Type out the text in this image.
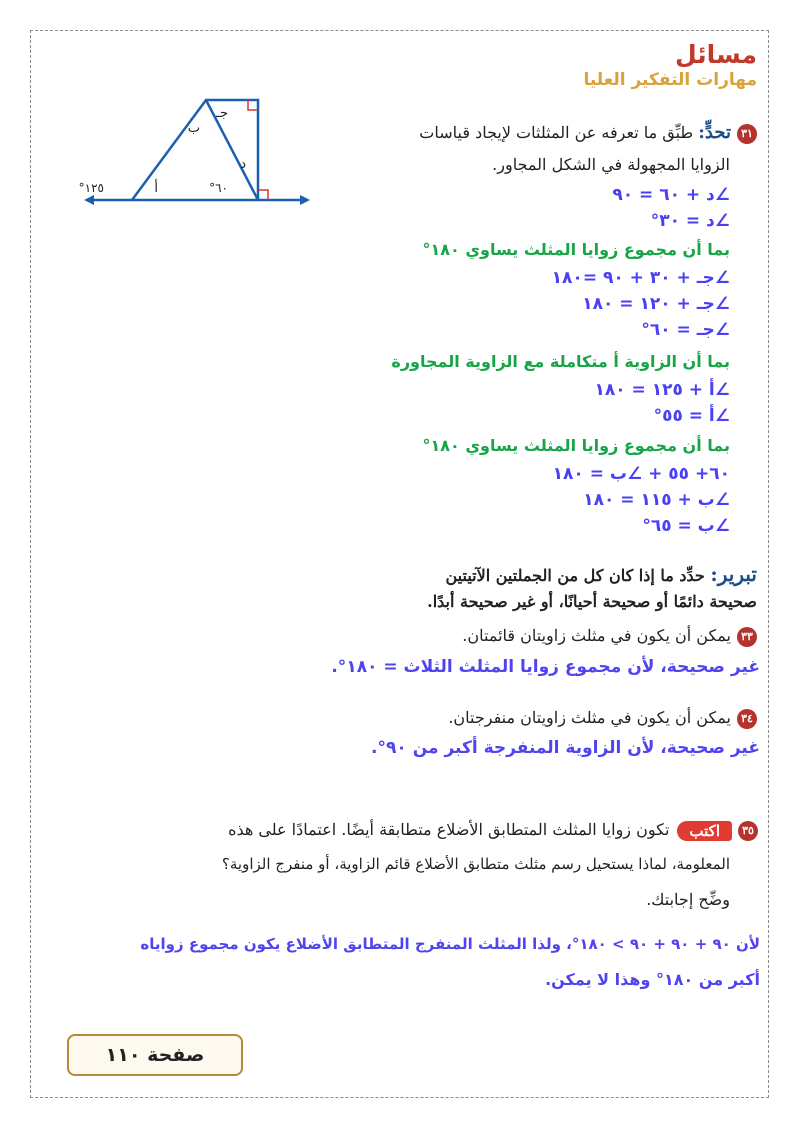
مسائل
مهارات التفكير العليا
جـ
ب
د
٦٠°
أ
١٢٥°
٣١تحدٍّ: طبِّق ما تعرفه عن المثلثات لإيجاد قياسات
الزوايا المجهولة في الشكل المجاور.
∠د + ٦٠ = ٩٠
∠د = ٣٠°
بما أن مجموع زوايا المثلث يساوي ١٨٠°
∠جـ + ٣٠ + ٩٠ =١٨٠
∠جـ + ١٢٠ = ١٨٠
∠جـ = ٦٠°
بما أن الزاوية أ متكاملة مع الزاوية المجاورة
∠أ + ١٢٥ = ١٨٠
∠أ = ٥٥°
بما أن مجموع زوايا المثلث يساوي ١٨٠°
٦٠+ ٥٥ + ∠ب = ١٨٠
∠ب + ١١٥ = ١٨٠
∠ب = ٦٥°
تبرير: حدِّد ما إذا كان كل من الجملتين الآتيتين
صحيحة دائمًا أو صحيحة أحيانًا، أو غير صحيحة أبدًا.
٣٣يمكن أن يكون في مثلث زاويتان قائمتان.
غير صحيحة، لأن مجموع زوايا المثلث الثلاث = ١٨٠°.
٣٤يمكن أن يكون في مثلث زاويتان منفرجتان.
غير صحيحة، لأن الزاوية المنفرجة أكبر من ٩٠°.
٣٥اكتبتكون زوايا المثلث المتطابق الأضلاع متطابقة أيضًا. اعتمادًا على هذه
المعلومة، لماذا يستحيل رسم مثلث متطابق الأضلاع قائم الزاوية، أو منفرج الزاوية؟
وضِّح إجابتك.
لأن ٩٠ + ٩٠ + ٩٠ > ١٨٠°، ولذا المثلث المنفرج المتطابق الأضلاع يكون مجموع زواياه
أكبر من ١٨٠° وهذا لا يمكن.
صفحة ١١٠
